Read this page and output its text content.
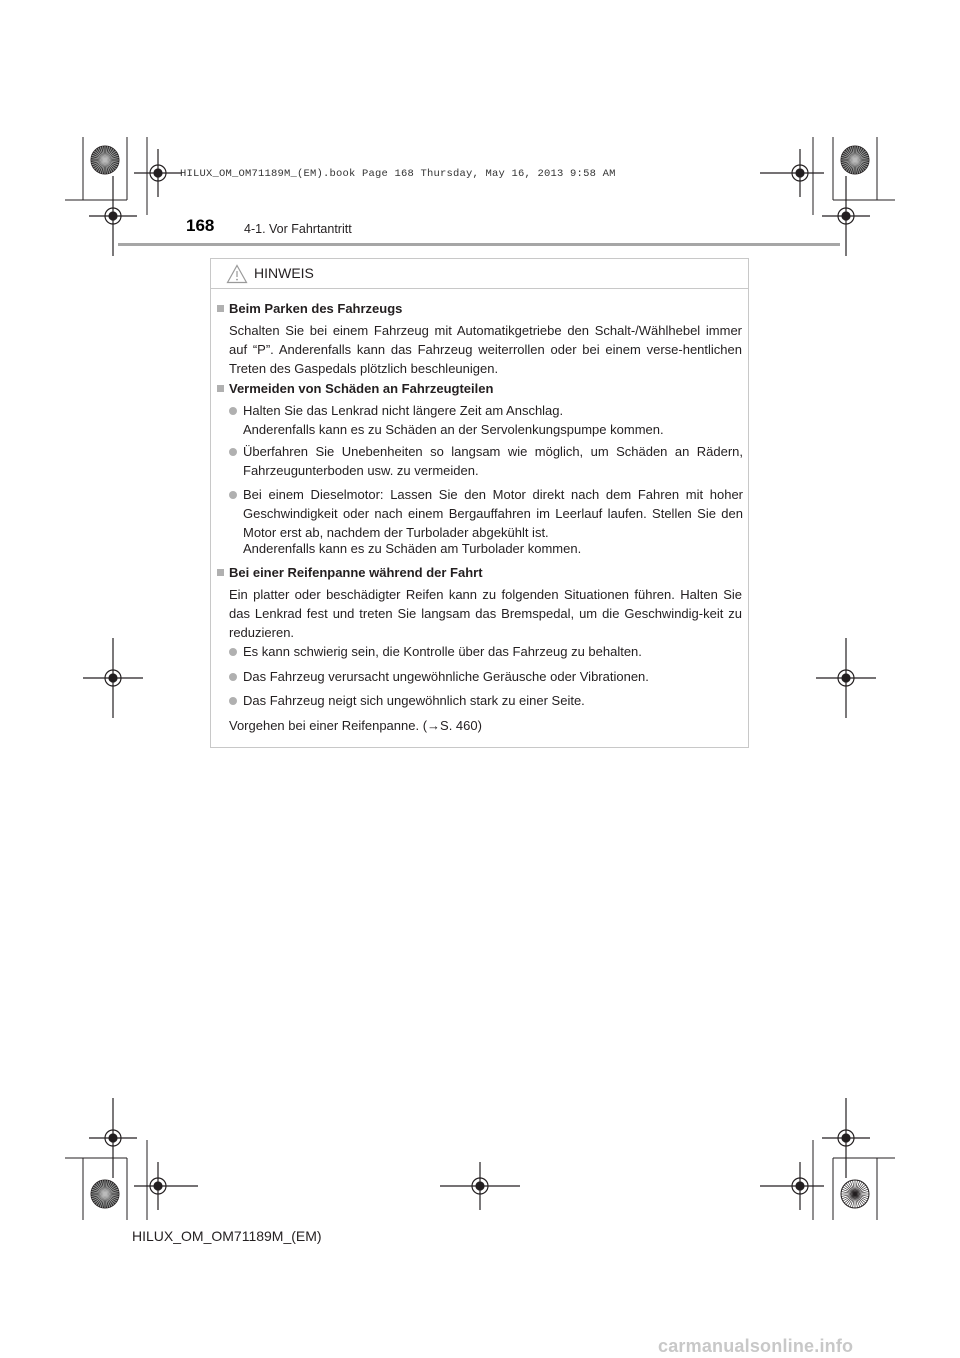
HILUX_OM_OM71189M_(EM).book Page 168 Thursday, May 16, 2013 9:58 AM
168 4-1. Vor Fahrtantritt
HINWEIS
Beim Parken des Fahrzeugs
Schalten Sie bei einem Fahrzeug mit Automatikgetriebe den Schalt-/Wählhebel immer auf “P”. Anderenfalls kann das Fahrzeug weiterrollen oder bei einem verse-hentlichen Treten des Gaspedals plötzlich beschleunigen.
Vermeiden von Schäden an Fahrzeugteilen
Halten Sie das Lenkrad nicht längere Zeit am Anschlag.
Anderenfalls kann es zu Schäden an der Servolenkungspumpe kommen.
Überfahren Sie Unebenheiten so langsam wie möglich, um Schäden an Rädern, Fahrzeugunterboden usw. zu vermeiden.
Bei einem Dieselmotor: Lassen Sie den Motor direkt nach dem Fahren mit hoher Geschwindigkeit oder nach einem Bergauffahren im Leerlauf laufen. Stellen Sie den Motor erst ab, nachdem der Turbolader abgekühlt ist.
Anderenfalls kann es zu Schäden am Turbolader kommen.
Bei einer Reifenpanne während der Fahrt
Ein platter oder beschädigter Reifen kann zu folgenden Situationen führen. Halten Sie das Lenkrad fest und treten Sie langsam das Bremspedal, um die Geschwindig-keit zu reduzieren.
Es kann schwierig sein, die Kontrolle über das Fahrzeug zu behalten.
Das Fahrzeug verursacht ungewöhnliche Geräusche oder Vibrationen.
Das Fahrzeug neigt sich ungewöhnlich stark zu einer Seite.
Vorgehen bei einer Reifenpanne. (→S. 460)
HILUX_OM_OM71189M_(EM)
carmanualsonline.info
